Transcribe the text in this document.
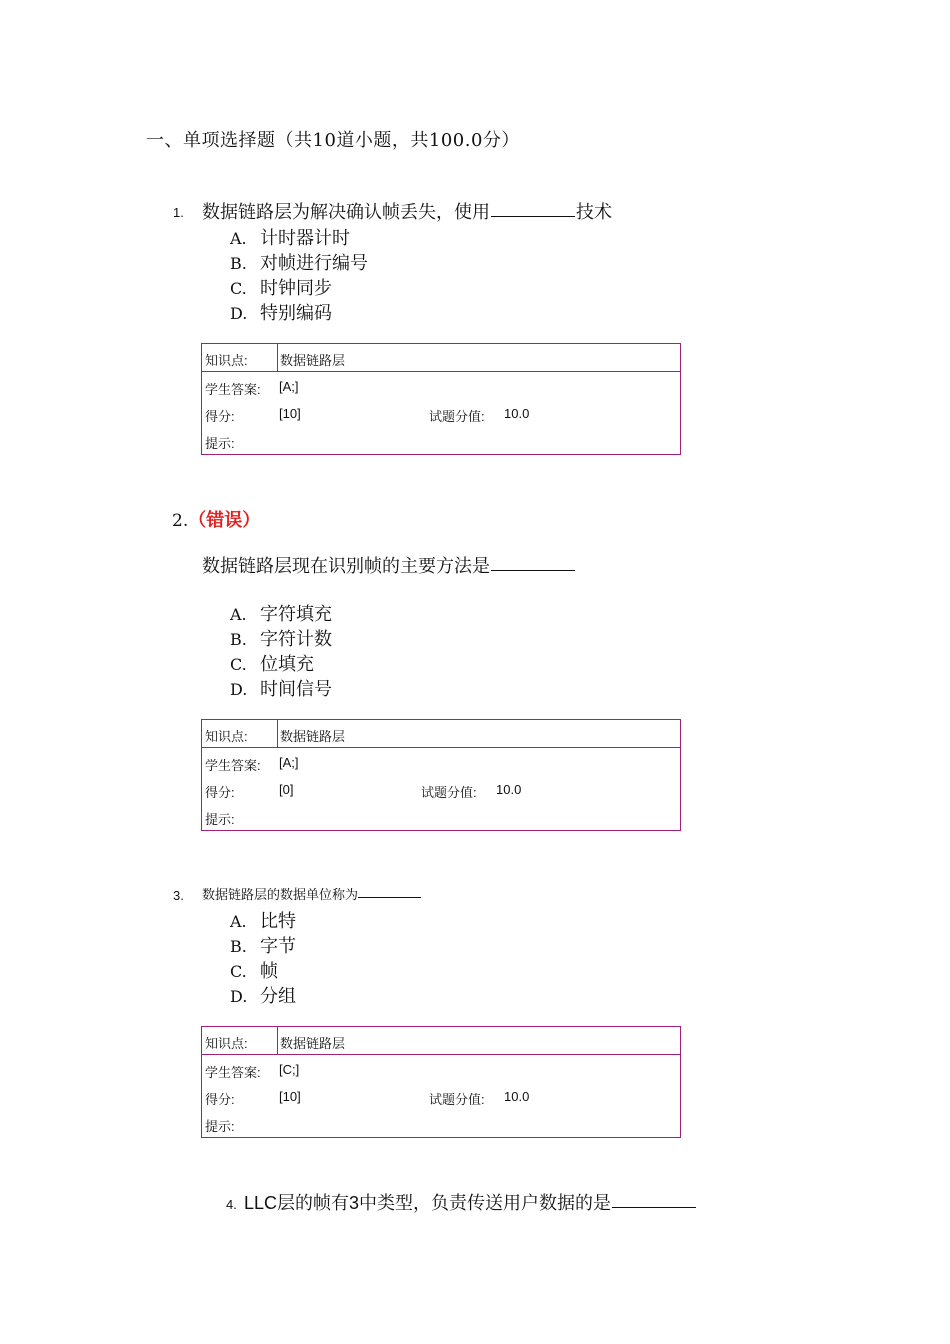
一、单项选择题（共10道小题，共100.0分）
1. 数据链路层为解决确认帧丢失，使用	技术
A. 计时器计时
B. 对帧进行编号
C. 时钟同步
D. 特别编码
知识点: 数据链路层
学生答案: [A;]
得分:	[10]	试题分值: 10.0
提示:
2.（错误）
数据链路层现在识别帧的主要方法是
A. 字符填充
B. 字符计数
C. 位填充
D. 时间信号
知识点: 数据链路层
学生答案: [A;]
得分:	[0]	试题分值: 10.0
提示:
3. 数据链路层的数据单位称为
A. 比特
B. 字节
C. 帧
D. 分组
知识点: 数据链路层
学生答案: [C;]
得分:	[10]	试题分值: 10.0
提示:
4. LLC层的帧有3中类型，负责传送用户数据的是
